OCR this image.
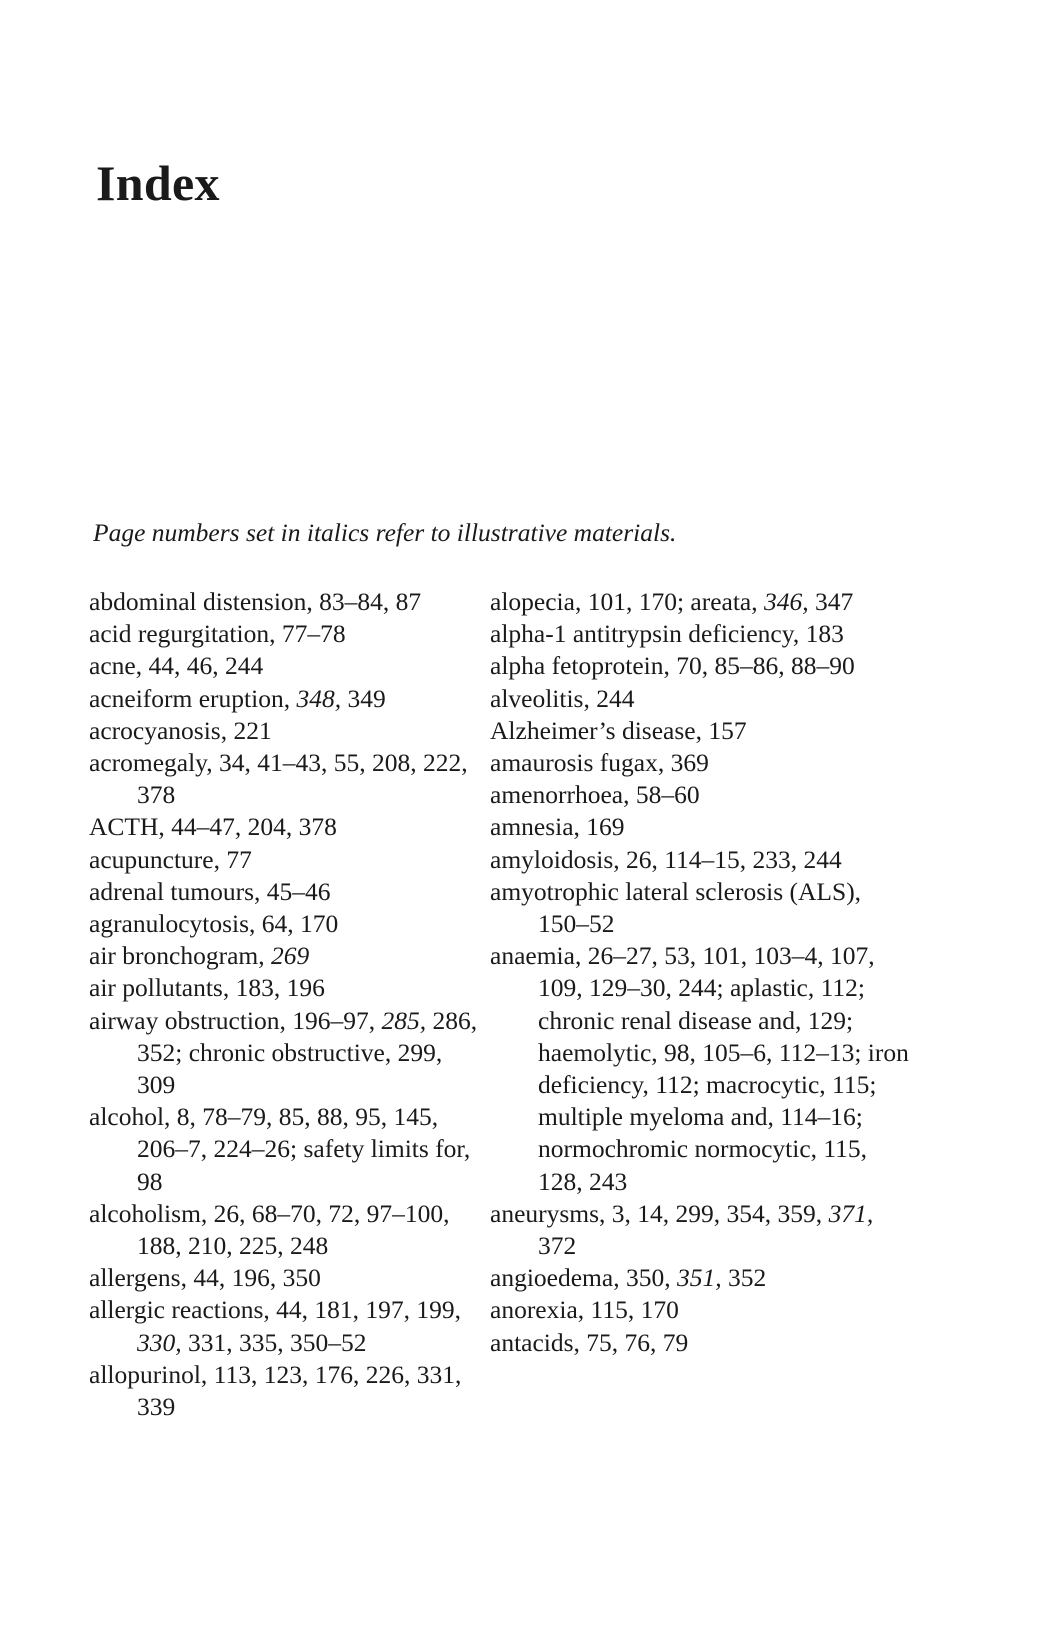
Index

Page numbers set in italics refer to illustrative materials.

abdominal distension, 83–84, 87

acid regurgitation, 77–78

acne, 44, 46, 244

acneiform eruption, 348, 349

acrocyanosis, 221

acromegaly, 34, 41–43, 55, 208, 222, 378

ACTH, 44–47, 204, 378

acupuncture, 77

adrenal tumours, 45–46

agranulocytosis, 64, 170

air bronchogram, 269

air pollutants, 183, 196

airway obstruction, 196–97, 285, 286, 352; chronic obstructive, 299, 309

alcohol, 8, 78–79, 85, 88, 95, 145, 206–7, 224–26; safety limits for, 98

alcoholism, 26, 68–70, 72, 97–100, 188, 210, 225, 248

allergens, 44, 196, 350

allergic reactions, 44, 181, 197, 199, 330, 331, 335, 350–52

allopurinol, 113, 123, 176, 226, 331, 339

alopecia, 101, 170; areata, 346, 347

alpha-1 antitrypsin deficiency, 183

alpha fetoprotein, 70, 85–86, 88–90

alveolitis, 244

Alzheimer’s disease, 157

amaurosis fugax, 369

amenorrhoea, 58–60

amnesia, 169

amyloidosis, 26, 114–15, 233, 244

amyotrophic lateral sclerosis (ALS), 150–52

anaemia, 26–27, 53, 101, 103–4, 107, 109, 129–30, 244; aplastic, 112; chronic renal disease and, 129; haemolytic, 98, 105–6, 112–13; iron deficiency, 112; macrocytic, 115; multiple myeloma and, 114–16; normochromic normocytic, 115, 128, 243

aneurysms, 3, 14, 299, 354, 359, 371, 372

angioedema, 350, 351, 352

anorexia, 115, 170

antacids, 75, 76, 79
